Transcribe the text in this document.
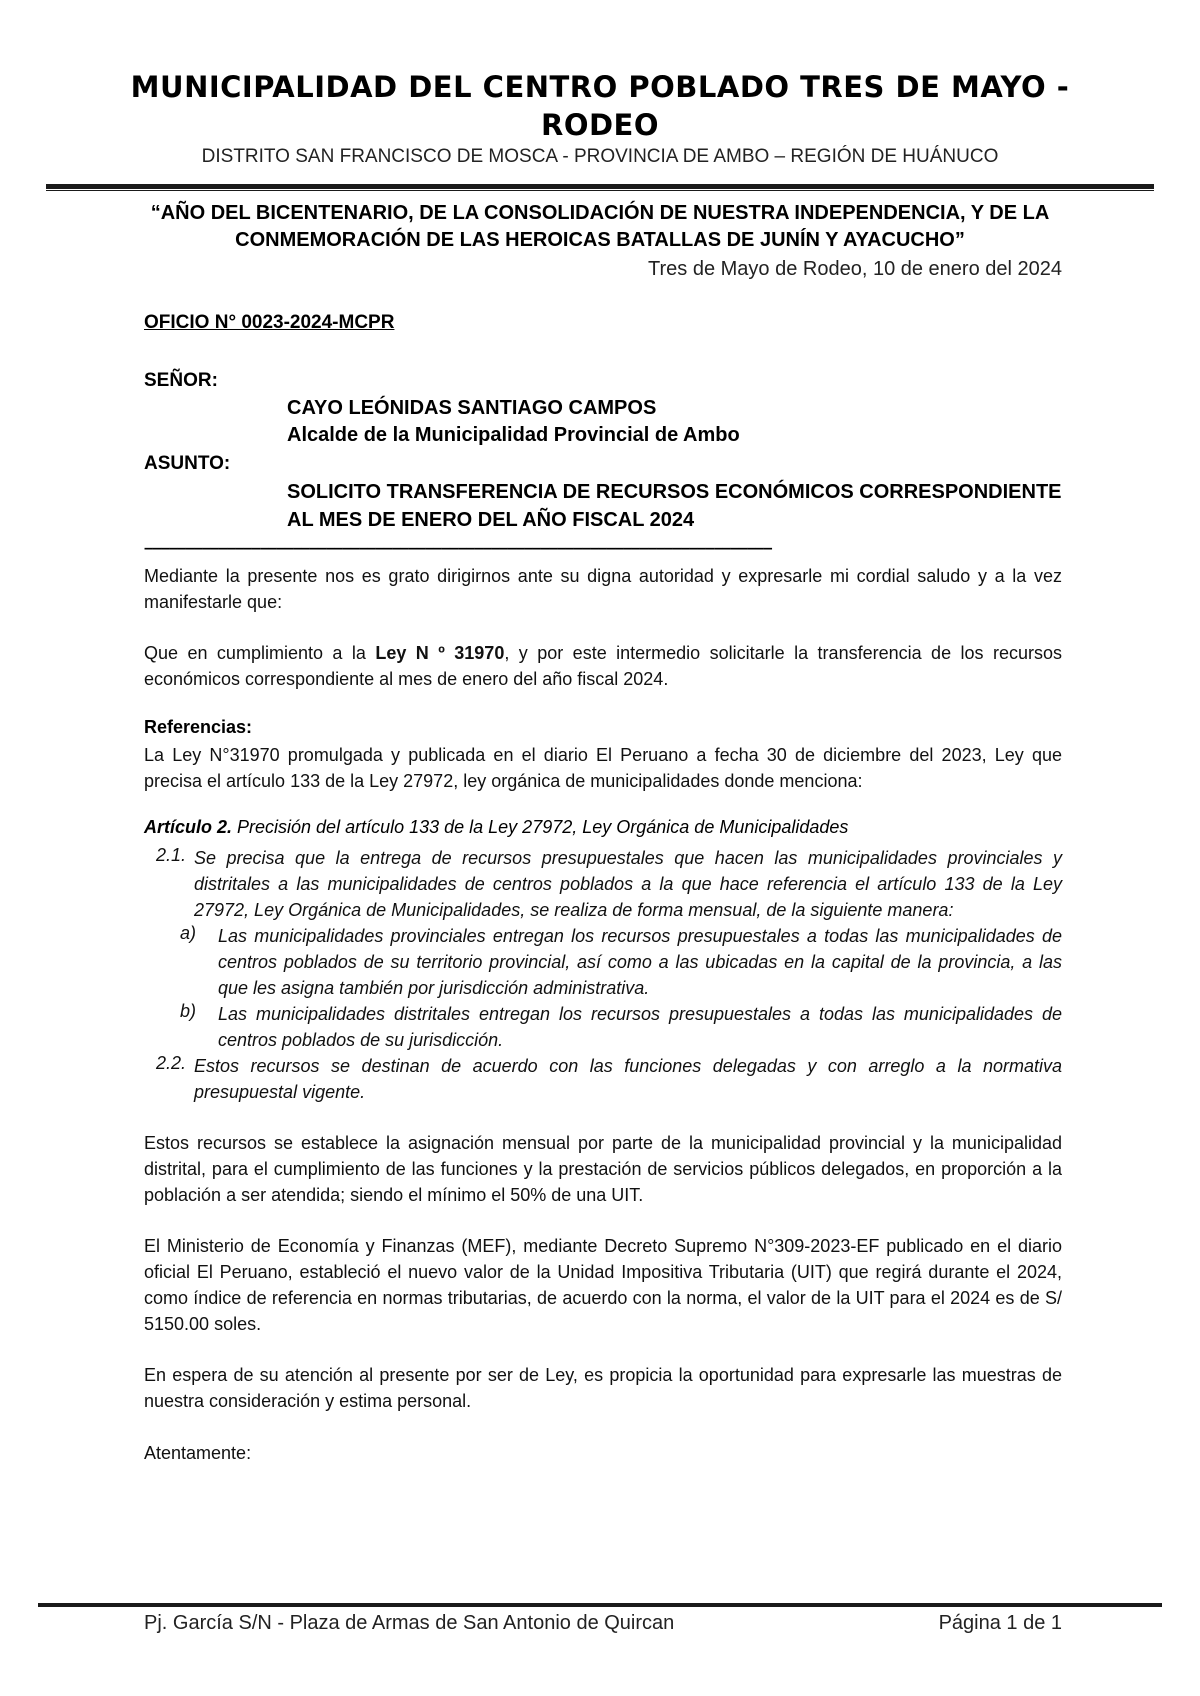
MUNICIPALIDAD DEL CENTRO POBLADO TRES DE MAYO - RODEO
DISTRITO SAN FRANCISCO DE MOSCA - PROVINCIA DE AMBO – REGIÓN DE HUÁNUCO
“AÑO DEL BICENTENARIO, DE LA CONSOLIDACIÓN DE NUESTRA INDEPENDENCIA, Y DE LA CONMEMORACIÓN DE LAS HEROICAS BATALLAS DE JUNÍN Y AYACUCHO”
Tres de Mayo de Rodeo, 10 de enero del 2024
OFICIO N° 0023-2024-MCPR
SEÑOR:
CAYO LEÓNIDAS SANTIAGO CAMPOS
Alcalde de la Municipalidad Provincial de Ambo
ASUNTO:
SOLICITO TRANSFERENCIA DE RECURSOS ECONÓMICOS CORRESPONDIENTE AL MES DE ENERO DEL AÑO FISCAL 2024
––––––––––––––––––––––––––––––––––––––––––––––––––––––––––––––––––––––––––––
Mediante la presente nos es grato dirigirnos ante su digna autoridad y expresarle mi cordial saludo y a la vez manifestarle que:
Que en cumplimiento a la Ley N º 31970, y por este intermedio solicitarle la transferencia de los recursos económicos correspondiente al mes de enero del año fiscal 2024.
Referencias:
La Ley N°31970 promulgada y publicada en el diario El Peruano a fecha 30 de diciembre del 2023, Ley que precisa el artículo 133 de la Ley 27972, ley orgánica de municipalidades donde menciona:
Artículo 2. Precisión del artículo 133 de la Ley 27972, Ley Orgánica de Municipalidades
2.1. Se precisa que la entrega de recursos presupuestales que hacen las municipalidades provinciales y distritales a las municipalidades de centros poblados a la que hace referencia el artículo 133 de la Ley 27972, Ley Orgánica de Municipalidades, se realiza de forma mensual, de la siguiente manera:
a) Las municipalidades provinciales entregan los recursos presupuestales a todas las municipalidades de centros poblados de su territorio provincial, así como a las ubicadas en la capital de la provincia, a las que les asigna también por jurisdicción administrativa.
b) Las municipalidades distritales entregan los recursos presupuestales a todas las municipalidades de centros poblados de su jurisdicción.
2.2. Estos recursos se destinan de acuerdo con las funciones delegadas y con arreglo a la normativa presupuestal vigente.
Estos recursos se establece la asignación mensual por parte de la municipalidad provincial y la municipalidad distrital, para el cumplimiento de las funciones y la prestación de servicios públicos delegados, en proporción a la población a ser atendida; siendo el mínimo el 50% de una UIT.
El Ministerio de Economía y Finanzas (MEF), mediante Decreto Supremo N°309-2023-EF publicado en el diario oficial El Peruano, estableció el nuevo valor de la Unidad Impositiva Tributaria (UIT) que regirá durante el 2024, como índice de referencia en normas tributarias, de acuerdo con la norma, el valor de la UIT para el 2024 es de S/ 5150.00 soles.
En espera de su atención al presente por ser de Ley, es propicia la oportunidad para expresarle las muestras de nuestra consideración y estima personal.
Atentamente:
Pj. García S/N - Plaza de Armas de San Antonio de Quircan	Página 1 de 1
